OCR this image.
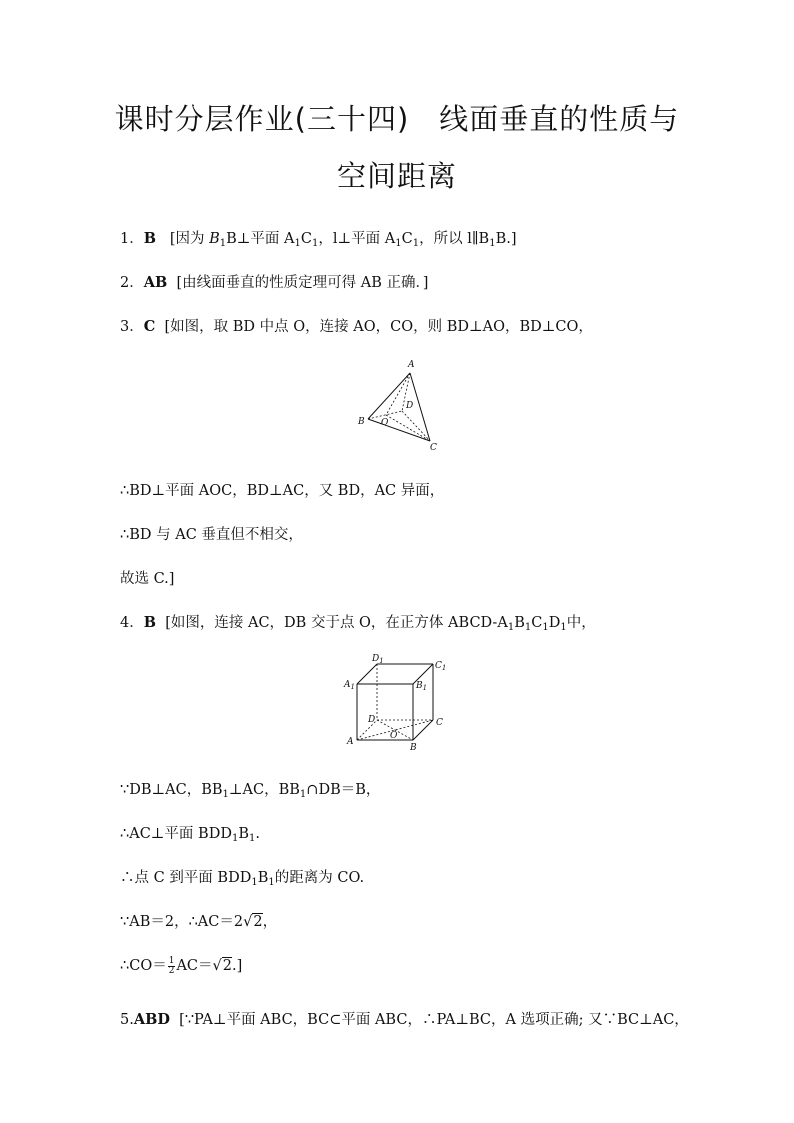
课时分层作业(三十四)　线面垂直的性质与
空间距离
1．B [因为 $B_1B\perp$平面 $A_1C_1$，l⊥平面 $A_1C_1$，所以 $l\parallel B_1B$.]
2．AB [由线面垂直的性质定理可得 AB 正确．]
3．C [如图，取 BD 中点 O，连接 AO，CO，则 BD⊥AO，BD⊥CO，
A
B
C
D
O
∴BD⊥平面 AOC，BD⊥AC，又 BD，AC 异面，
∴BD 与 AC 垂直但不相交，
故选 C.]
4．B [如图，连接 AC，DB 交于点 O，在正方体 ABCD-$A_1B_1C_1D_1$中，
$D_1$	$C_1$
$A_1$	$B_1$
D	C
A
B
O
∵DB⊥AC，$BB_1\perp AC$，$BB_1\cap DB=B$，
∴AC⊥平面 $BDD_1B_1$.
∴点 C 到平面 $BDD_1B_1$的距离为 CO.
∵AB＝2，∴AC＝2√2，
∴CO＝ $\frac{1}{2} AC=√2$.]
5.ABD [∵PA⊥平面 ABC，BC⊂平面 ABC，∴PA⊥BC，A 选项正确; 又∵BC⊥AC，
